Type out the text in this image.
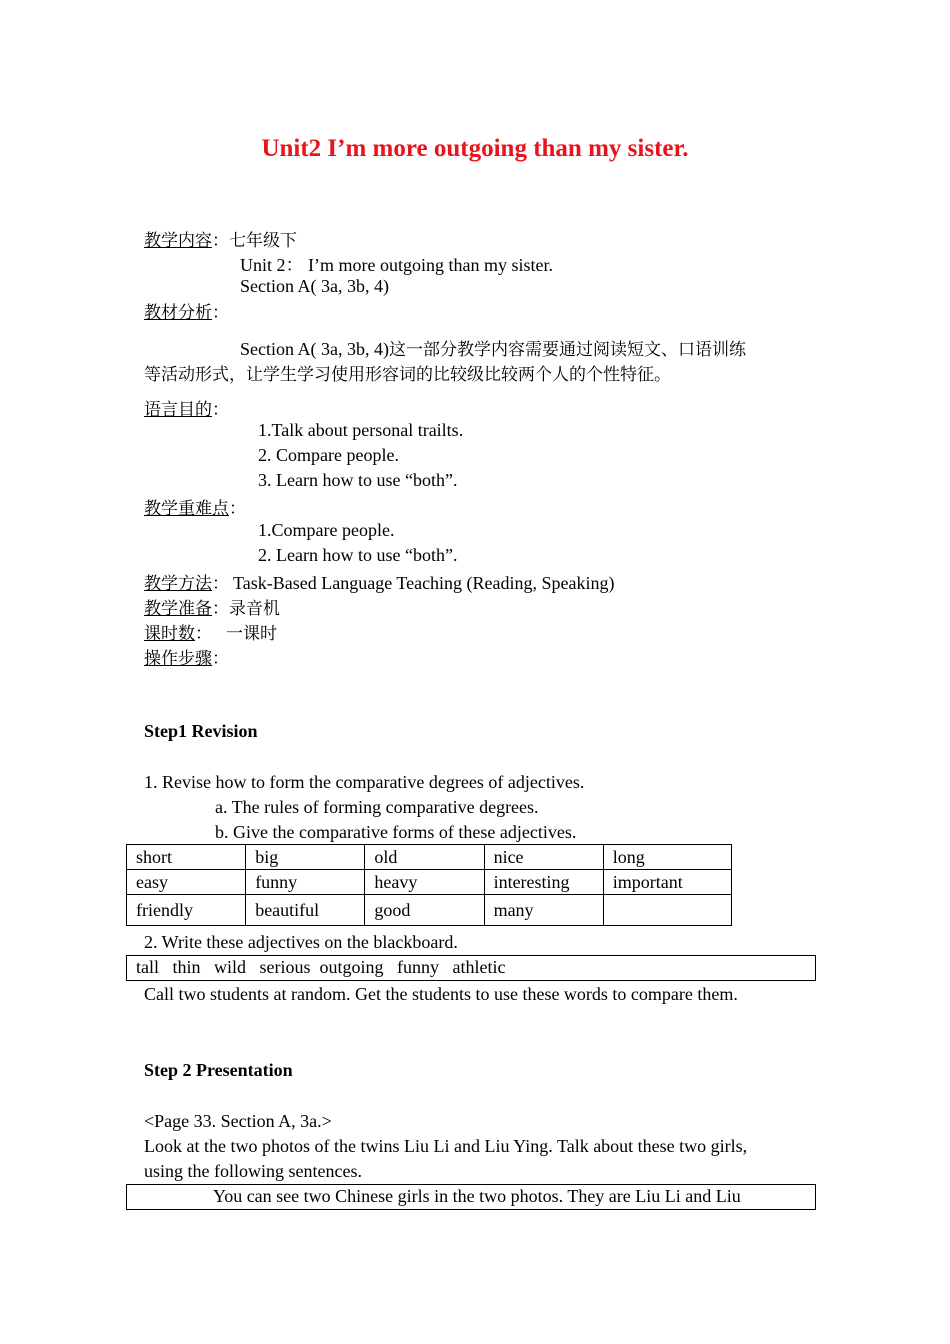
Unit2 I’m more outgoing than my sister.
教学内容：七年级下
Unit 2： I’m more outgoing than my sister.
Section A( 3a, 3b, 4)
教材分析：
Section A( 3a, 3b, 4)这一部分教学内容需要通过阅读短文、口语训练
等活动形式，让学生学习使用形容词的比较级比较两个人的个性特征。
语言目的：
1.Talk about personal trailts.
2. Compare people.
3. Learn how to use “both”.
教学重难点：
1.Compare people.
2. Learn how to use “both”.
教学方法： Task-Based Language Teaching (Reading, Speaking)
教学准备：录音机
课时数： 一课时
操作步骤：
Step1 Revision
1. Revise how to form the comparative degrees of adjectives.
a. The rules of forming comparative degrees.
b. Give the comparative forms of these adjectives.
short	big	old	nice	long
easy	funny	heavy	interesting	important
friendly	beautiful	good	many	
2. Write these adjectives on the blackboard.
tall   thin   wild   serious  outgoing   funny   athletic
Call two students at random. Get the students to use these words to compare them.
Step 2 Presentation
<Page 33. Section A, 3a.>
Look at the two photos of the twins Liu Li and Liu Ying. Talk about these two girls,
using the following sentences.
You can see two Chinese girls in the two photos. They are Liu Li and Liu
